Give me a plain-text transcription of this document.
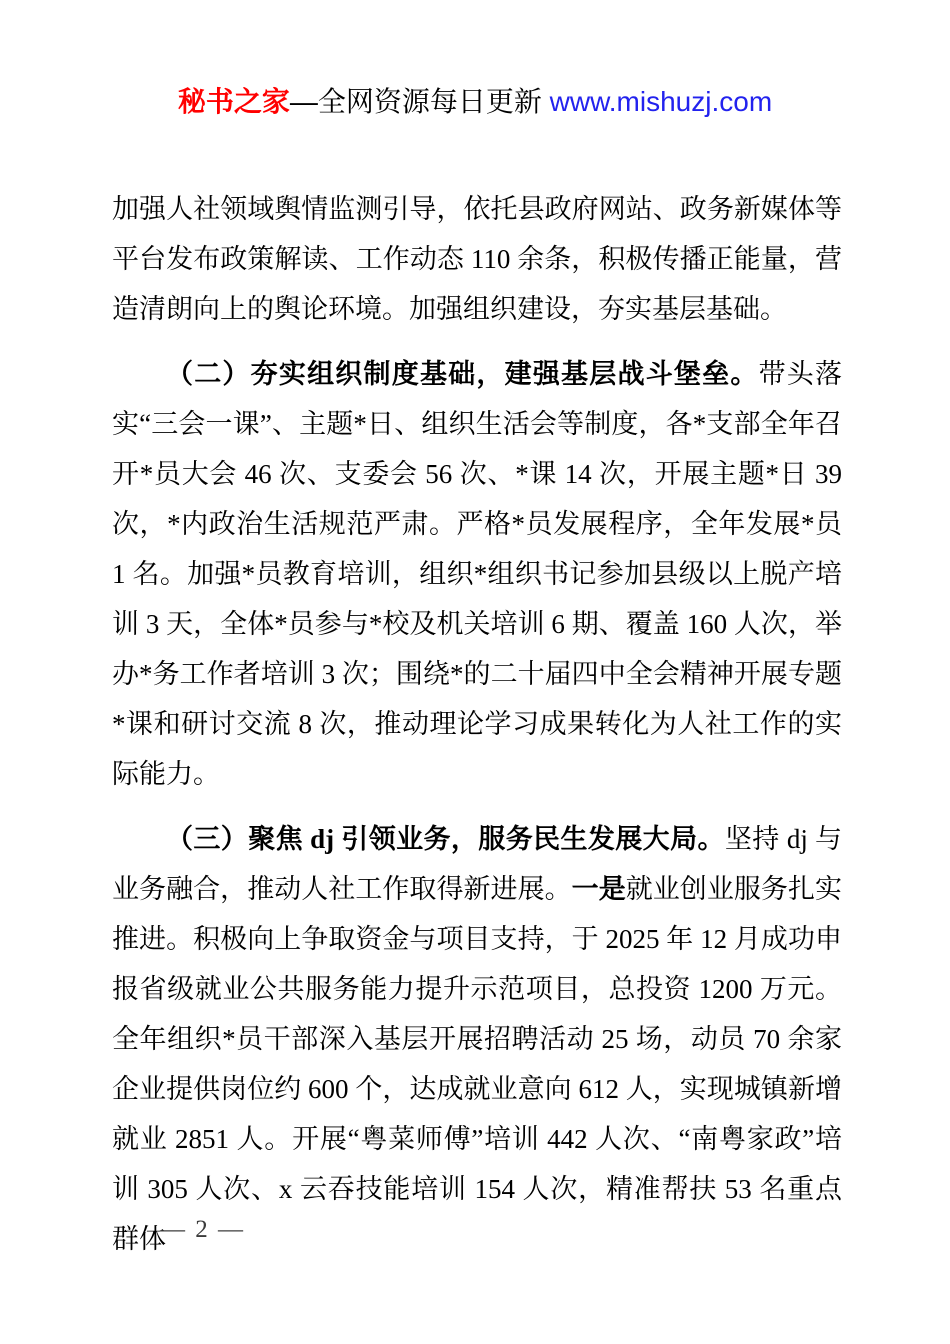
秘书之家—全网资源每日更新 www.mishuzj.com

加强人社领域舆情监测引导，依托县政府网站、政务新媒体等平台发布政策解读、工作动态 110 余条，积极传播正能量，营造清朗向上的舆论环境。加强组织建设，夯实基层基础。

（二）夯实组织制度基础，建强基层战斗堡垒。带头落实“三会一课”、主题*日、组织生活会等制度，各*支部全年召开*员大会 46 次、支委会 56 次、*课 14 次，开展主题*日 39 次，*内政治生活规范严肃。严格*员发展程序，全年发展*员 1 名。加强*员教育培训，组织*组织书记参加县级以上脱产培训 3 天，全体*员参与*校及机关培训 6 期、覆盖 160 人次，举办*务工作者培训 3 次；围绕*的二十届四中全会精神开展专题*课和研讨交流 8 次，推动理论学习成果转化为人社工作的实际能力。

（三）聚焦 dj 引领业务，服务民生发展大局。坚持 dj 与业务融合，推动人社工作取得新进展。一是就业创业服务扎实推进。积极向上争取资金与项目支持，于 2025 年 12 月成功申报省级就业公共服务能力提升示范项目，总投资 1200 万元。全年组织*员干部深入基层开展招聘活动 25 场，动员 70 余家企业提供岗位约 600 个，达成就业意向 612 人，实现城镇新增就业 2851 人。开展“粤菜师傅”培训 442 人次、“南粤家政”培训 305 人次、x 云吞技能培训 154 人次，精准帮扶 53 名重点群体

— 2 —
